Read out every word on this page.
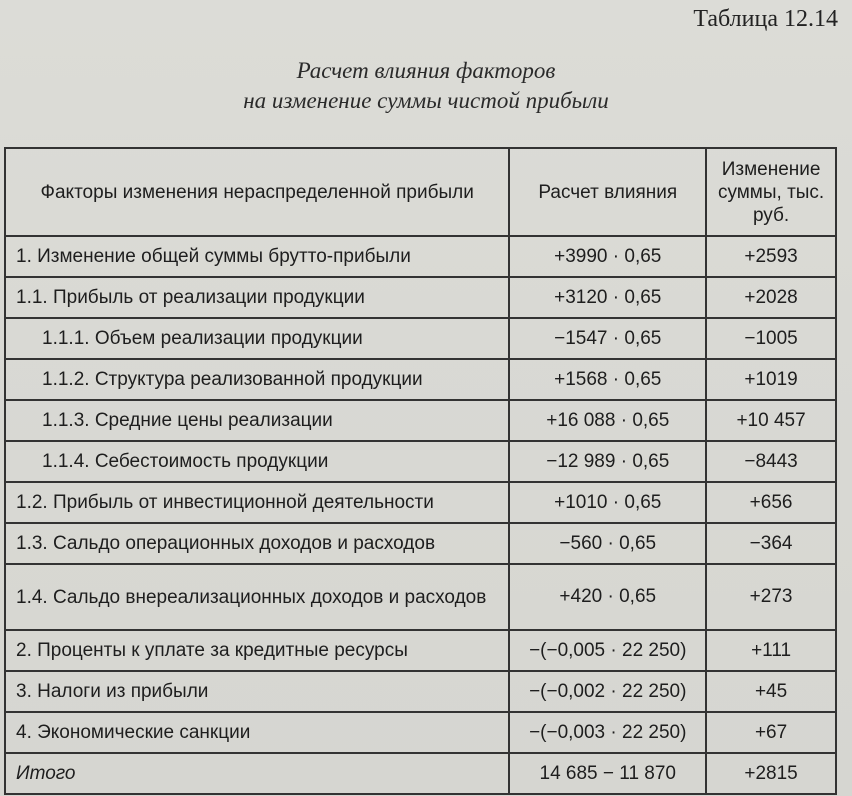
Таблица 12.14
Расчет влияния факторов
на изменение суммы чистой прибыли
Факторы изменения нераспределенной прибыли	Расчет влияния	Изменение суммы, тыс. руб.
1. Изменение общей суммы брутто-прибыли	+3990 · 0,65	+2593
1.1. Прибыль от реализации продукции	+3120 · 0,65	+2028
1.1.1. Объем реализации продукции	−1547 · 0,65	−1005
1.1.2. Структура реализованной продукции	+1568 · 0,65	+1019
1.1.3. Средние цены реализации	+16 088 · 0,65	+10 457
1.1.4. Себестоимость продукции	−12 989 · 0,65	−8443
1.2. Прибыль от инвестиционной деятельности	+1010 · 0,65	+656
1.3. Сальдо операционных доходов и расходов	−560 · 0,65	−364
1.4. Сальдо внереализационных доходов и расходов	+420 · 0,65	+273
2. Проценты к уплате за кредитные ресурсы	−(−0,005 · 22 250)	+111
3. Налоги из прибыли	−(−0,002 · 22 250)	+45
4. Экономические санкции	−(−0,003 · 22 250)	+67
Итого	14 685 − 11 870	+2815
